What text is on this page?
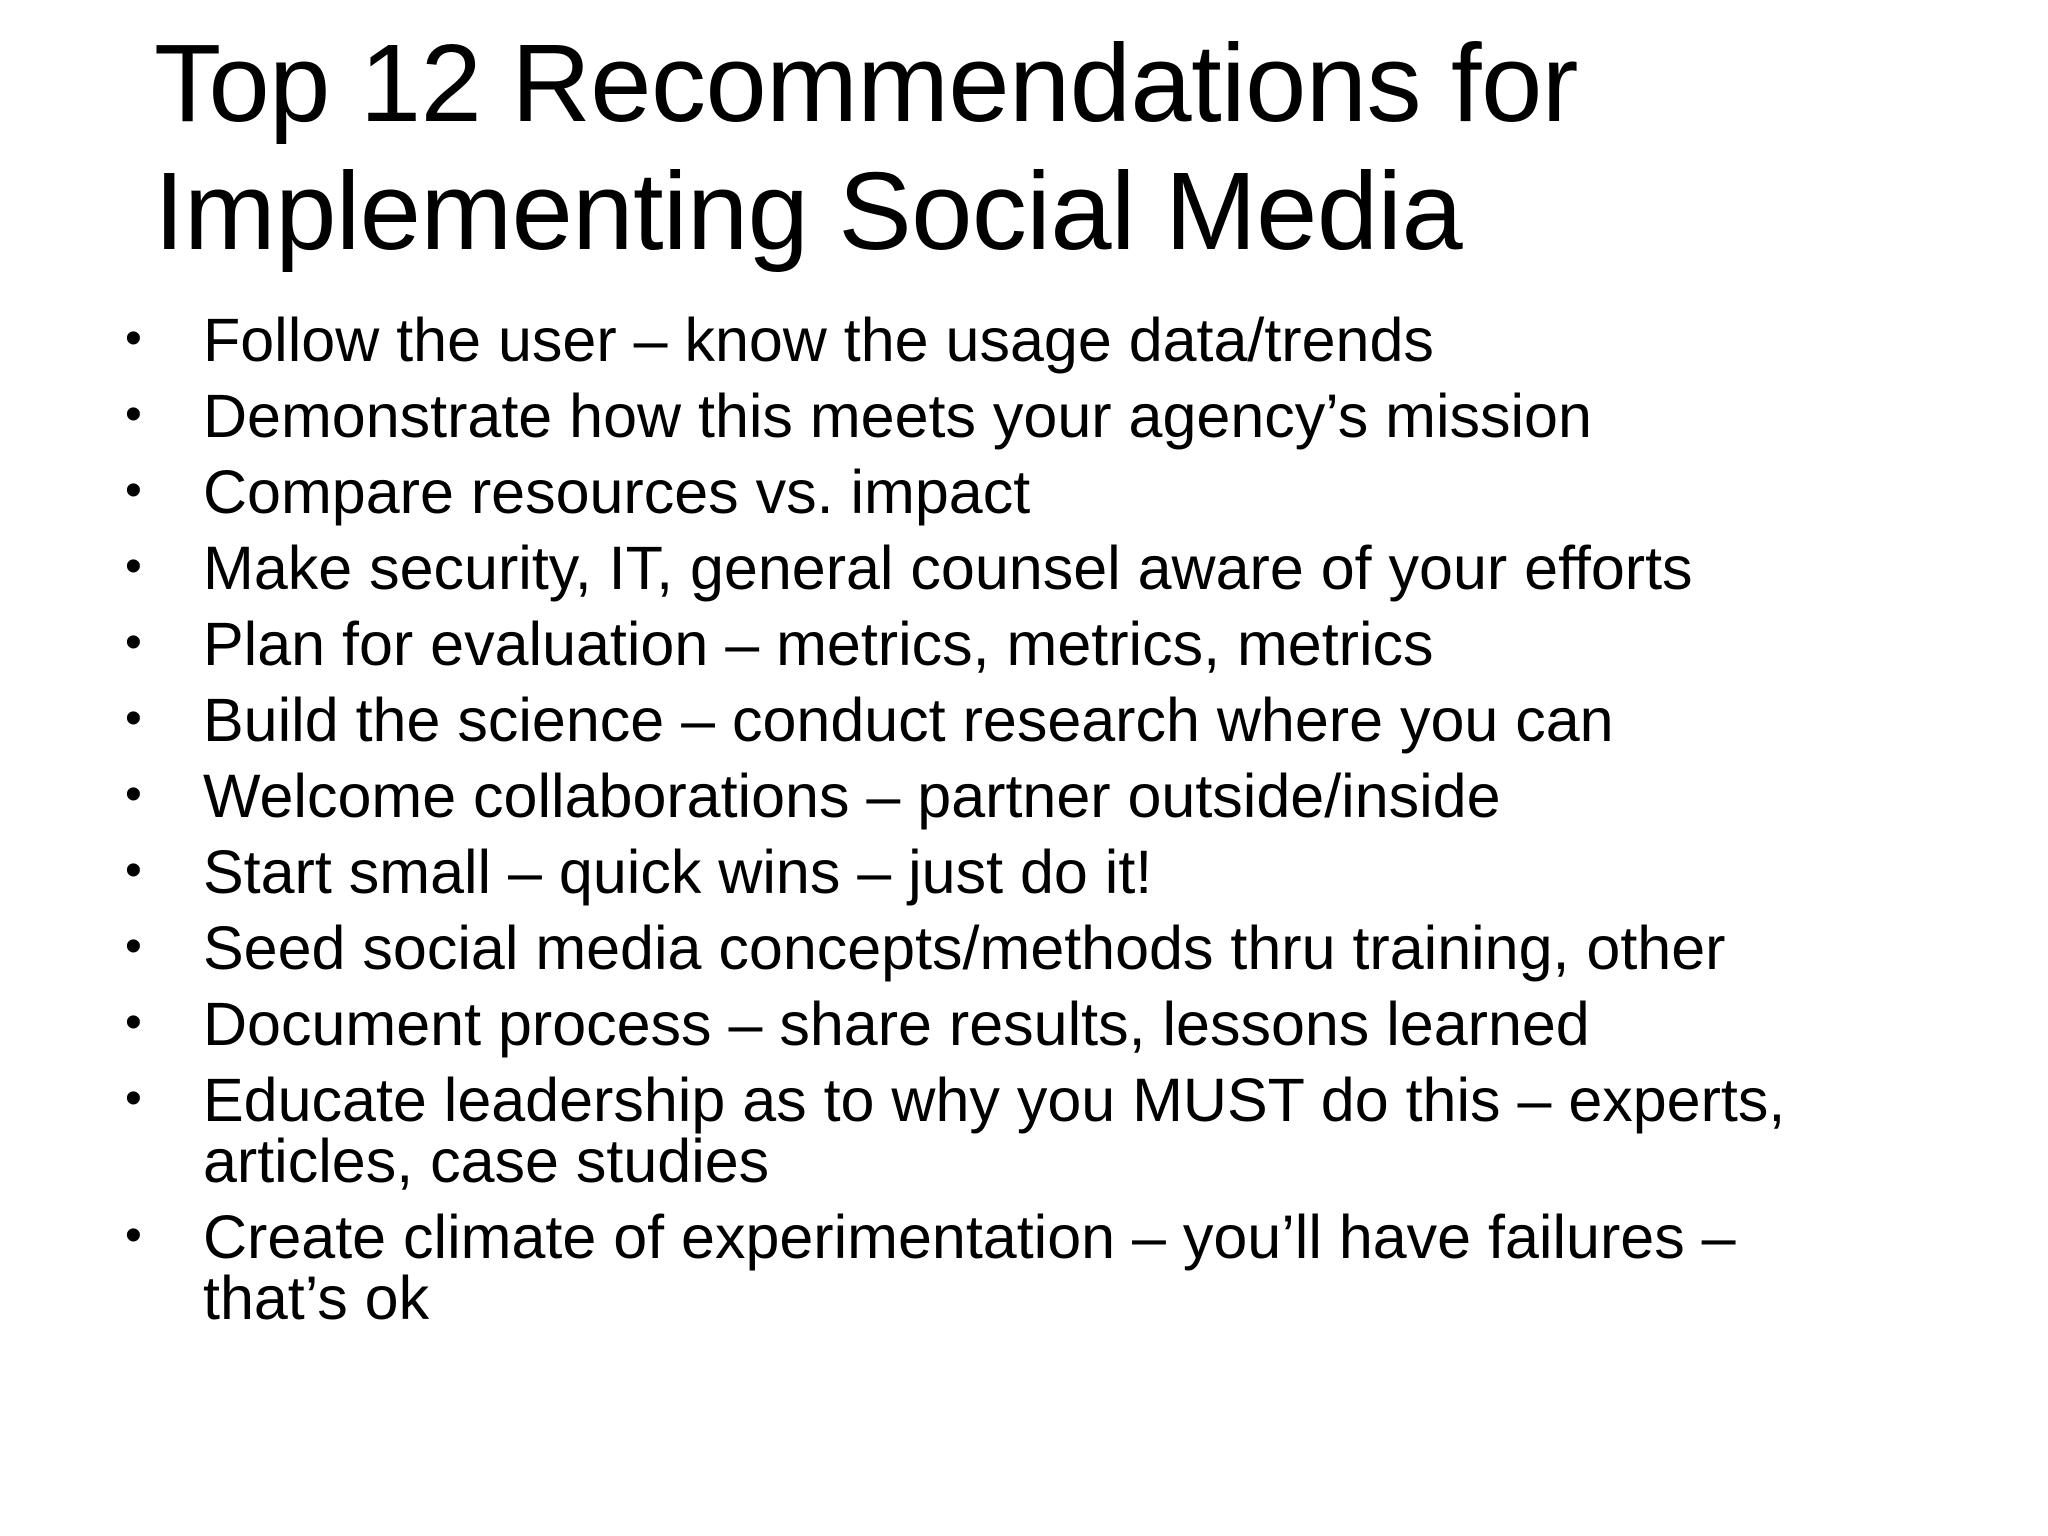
Top 12 Recommendations for
Implementing Social Media
• Follow the user – know the usage data/trends
• Demonstrate how this meets your agency’s mission
• Compare resources vs. impact
• Make security, IT, general counsel aware of your efforts
• Plan for evaluation – metrics, metrics, metrics
• Build the science – conduct research where you can
• Welcome collaborations – partner outside/inside
• Start small – quick wins – just do it!
• Seed social media concepts/methods thru training, other
• Document process – share results, lessons learned
• Educate leadership as to why you MUST do this – experts,
articles, case studies
• Create climate of experimentation – you’ll have failures –
that’s ok
